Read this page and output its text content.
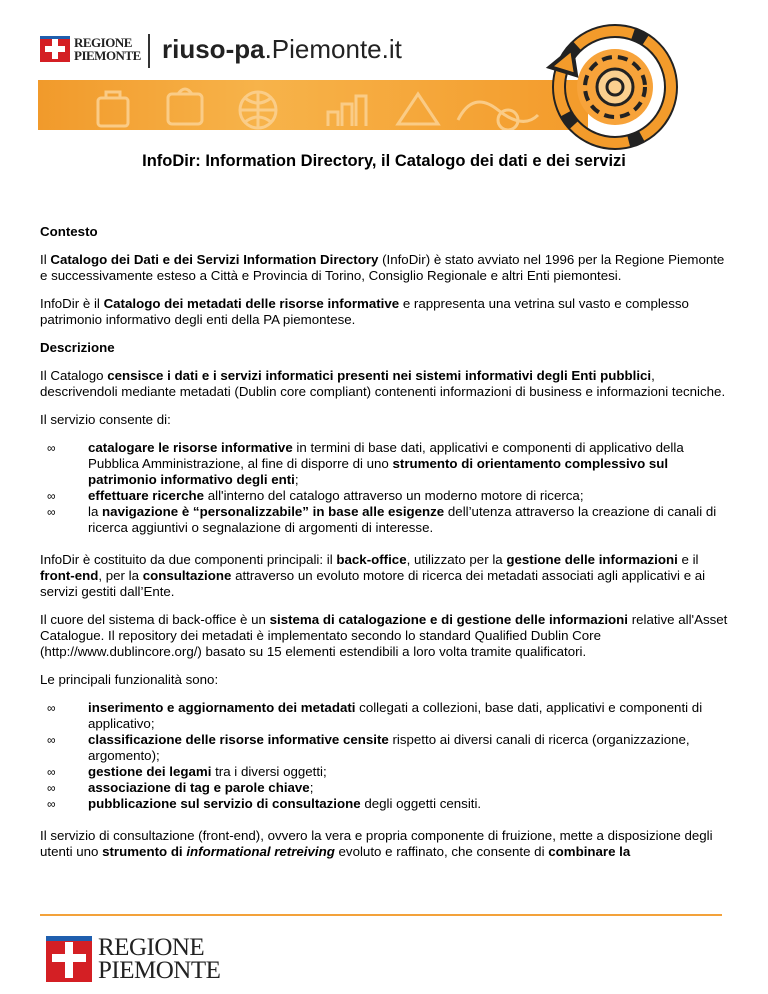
REGIONE
PIEMONTE riuso-pa.Piemonte.it
InfoDir: Information Directory, il Catalogo dei dati e dei servizi
Contesto

Il Catalogo dei Dati e dei Servizi Information Directory (InfoDir) è stato avviato nel 1996 per la Regione Piemonte e successivamente esteso a Città e Provincia di Torino, Consiglio Regionale e altri Enti piemontesi.

InfoDir è il Catalogo dei metadati delle risorse informative e rappresenta una vetrina sul vasto e complesso patrimonio informativo degli enti della PA piemontese.

Descrizione

Il Catalogo censisce i dati e i servizi informatici presenti nei sistemi informativi degli Enti pubblici, descrivendoli mediante metadati (Dublin core compliant) contenenti informazioni di business e informazioni tecniche.

Il servizio consente di:

∞ catalogare le risorse informative in termini di base dati, applicativi e componenti di applicativo della Pubblica Amministrazione, al fine di disporre di uno strumento di orientamento complessivo sul patrimonio informativo degli enti;
∞ effettuare ricerche all'interno del catalogo attraverso un moderno motore di ricerca;
∞ la navigazione è “personalizzabile” in base alle esigenze dell’utenza attraverso la creazione di canali di ricerca aggiuntivi o segnalazione di argomenti di interesse.

InfoDir è costituito da due componenti principali: il back-office, utilizzato per la gestione delle informazioni e il front-end, per la consultazione attraverso un evoluto motore di ricerca dei metadati associati agli applicativi e ai servizi gestiti dall’Ente.

Il cuore del sistema di back-office è un sistema di catalogazione e di gestione delle informazioni relative all'Asset Catalogue. Il repository dei metadati è implementato secondo lo standard Qualified Dublin Core (http://www.dublincore.org/) basato su 15 elementi estendibili a loro volta tramite qualificatori.

Le principali funzionalità sono:

∞ inserimento e aggiornamento dei metadati collegati a collezioni, base dati, applicativi e componenti di applicativo;
∞ classificazione delle risorse informative censite rispetto ai diversi canali di ricerca (organizzazione, argomento);
∞ gestione dei legami tra i diversi oggetti;
∞ associazione di tag e parole chiave;
∞ pubblicazione sul servizio di consultazione degli oggetti censiti.

Il servizio di consultazione (front-end), ovvero la vera e propria componente di fruizione, mette a disposizione degli utenti uno strumento di informational retreiving evoluto e raffinato, che consente di combinare la

REGIONE
PIEMONTE
